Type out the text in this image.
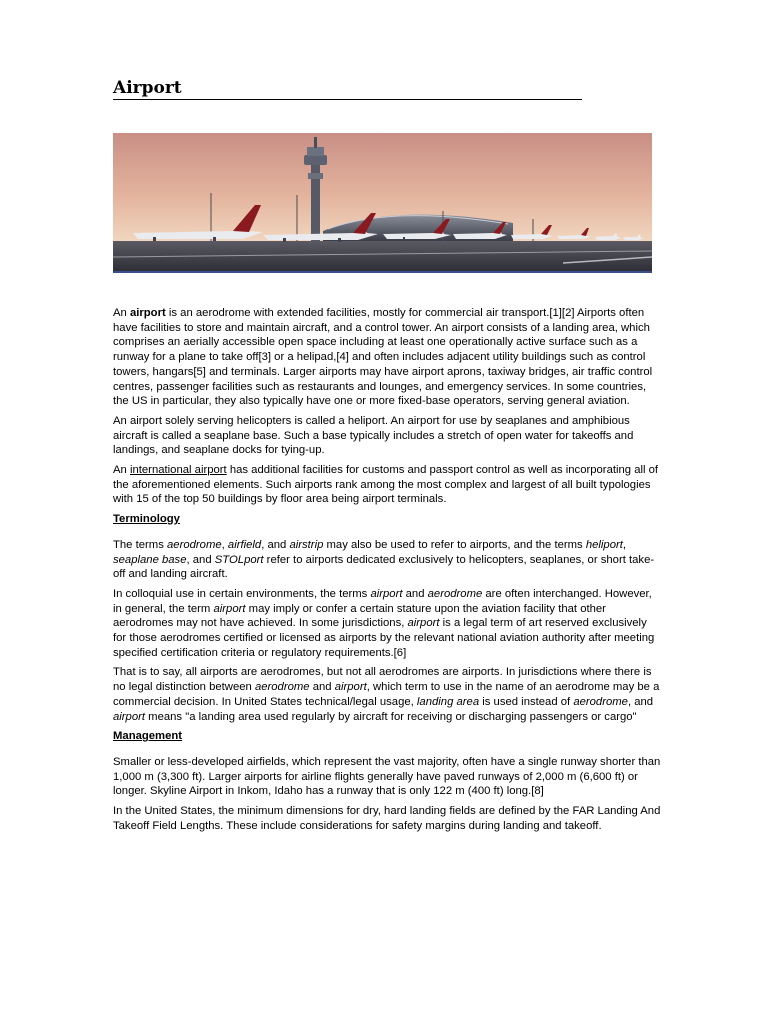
Airport

An airport is an aerodrome with extended facilities, mostly for commercial air transport.[1][2] Airports often have facilities to store and maintain aircraft, and a control tower. An airport consists of a landing area, which comprises an aerially accessible open space including at least one operationally active surface such as a runway for a plane to take off[3] or a helipad,[4] and often includes adjacent utility buildings such as control towers, hangars[5] and terminals. Larger airports may have airport aprons, taxiway bridges, air traffic control centres, passenger facilities such as restaurants and lounges, and emergency services. In some countries, the US in particular, they also typically have one or more fixed-base operators, serving general aviation.

An airport solely serving helicopters is called a heliport. An airport for use by seaplanes and amphibious aircraft is called a seaplane base. Such a base typically includes a stretch of open water for takeoffs and landings, and seaplane docks for tying-up.

An international airport has additional facilities for customs and passport control as well as incorporating all of the aforementioned elements. Such airports rank among the most complex and largest of all built typologies with 15 of the top 50 buildings by floor area being airport terminals.

Terminology

The terms aerodrome, airfield, and airstrip may also be used to refer to airports, and the terms heliport, seaplane base, and STOLport refer to airports dedicated exclusively to helicopters, seaplanes, or short take-off and landing aircraft.

In colloquial use in certain environments, the terms airport and aerodrome are often interchanged. However, in general, the term airport may imply or confer a certain stature upon the aviation facility that other aerodromes may not have achieved. In some jurisdictions, airport is a legal term of art reserved exclusively for those aerodromes certified or licensed as airports by the relevant national aviation authority after meeting specified certification criteria or regulatory requirements.[6]

That is to say, all airports are aerodromes, but not all aerodromes are airports. In jurisdictions where there is no legal distinction between aerodrome and airport, which term to use in the name of an aerodrome may be a commercial decision. In United States technical/legal usage, landing area is used instead of aerodrome, and airport means "a landing area used regularly by aircraft for receiving or discharging passengers or cargo"

Management

Smaller or less-developed airfields, which represent the vast majority, often have a single runway shorter than 1,000 m (3,300 ft). Larger airports for airline flights generally have paved runways of 2,000 m (6,600 ft) or longer. Skyline Airport in Inkom, Idaho has a runway that is only 122 m (400 ft) long.[8]

In the United States, the minimum dimensions for dry, hard landing fields are defined by the FAR Landing And Takeoff Field Lengths. These include considerations for safety margins during landing and takeoff.
